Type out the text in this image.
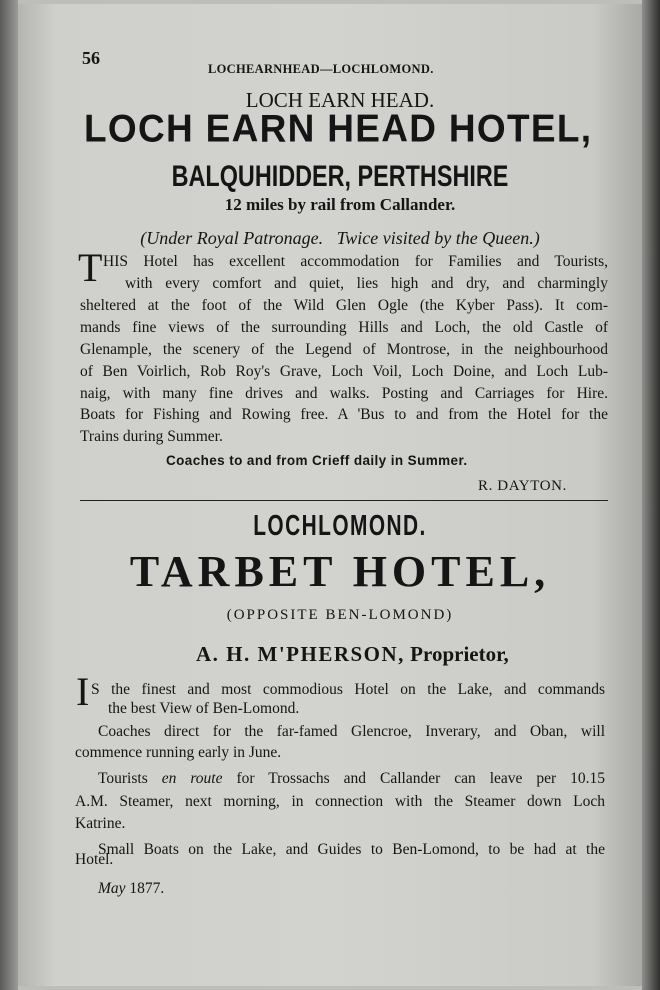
56
LOCHEARNHEAD—LOCHLOMOND.
LOCH EARN HEAD.
LOCH EARN HEAD HOTEL,
BALQUHIDDER, PERTHSHIRE
12 miles by rail from Callander.
(Under Royal Patronage.   Twice visited by the Queen.)
T HIS Hotel has excellent accommodation for Families and Tourists,
with every comfort and quiet, lies high and dry, and charmingly
sheltered at the foot of the Wild Glen Ogle (the Kyber Pass). It com-
mands fine views of the surrounding Hills and Loch, the old Castle of
Glenample, the scenery of the Legend of Montrose, in the neighbourhood
of Ben Voirlich, Rob Roy's Grave, Loch Voil, Loch Doine, and Loch Lub-
naig, with many fine drives and walks. Posting and Carriages for Hire.
Boats for Fishing and Rowing free. A 'Bus to and from the Hotel for the
Trains during Summer.
Coaches to and from Crieff daily in Summer.
R. DAYTON.
LOCHLOMOND.
TARBET HOTEL,
(OPPOSITE BEN-LOMOND)
A. H. M'PHERSON, Proprietor,
I S the finest and most commodious Hotel on the Lake, and commands
the best View of Ben-Lomond.
Coaches direct for the far-famed Glencroe, Inverary, and Oban, will
commence running early in June.
Tourists en route for Trossachs and Callander can leave per 10.15
A.M. Steamer, next morning, in connection with the Steamer down Loch
Katrine.
Small Boats on the Lake, and Guides to Ben-Lomond, to be had at the
Hotel.
May 1877.
